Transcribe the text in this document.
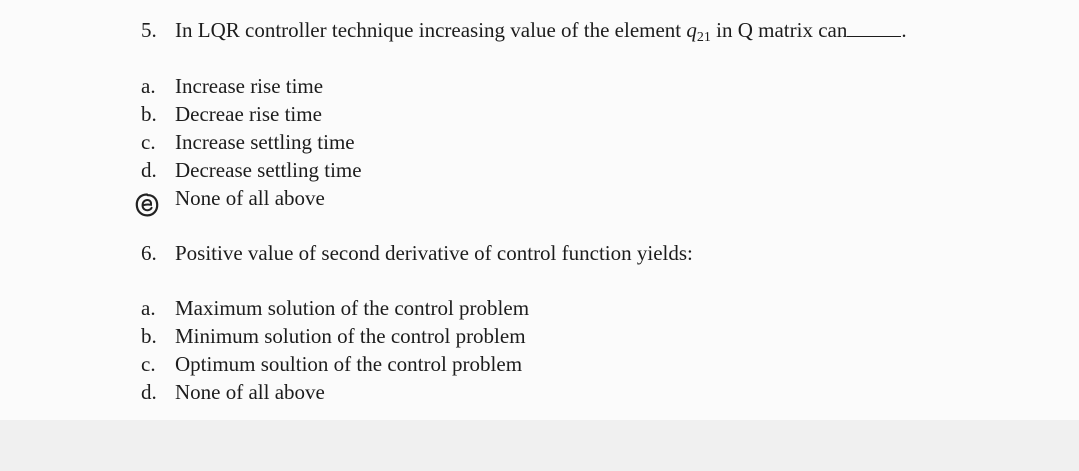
5. In LQR controller technique increasing value of the element $q_{21}$ in Q matrix can	.
a. Increase rise time
b. Decreae rise time
c. Increase settling time
d. Decrease settling time
None of all above
6. Positive value of second derivative of control function yields:
a. Maximum solution of the control problem
b. Minimum solution of the control problem
c. Optimum soultion of the control problem
d. None of all above
